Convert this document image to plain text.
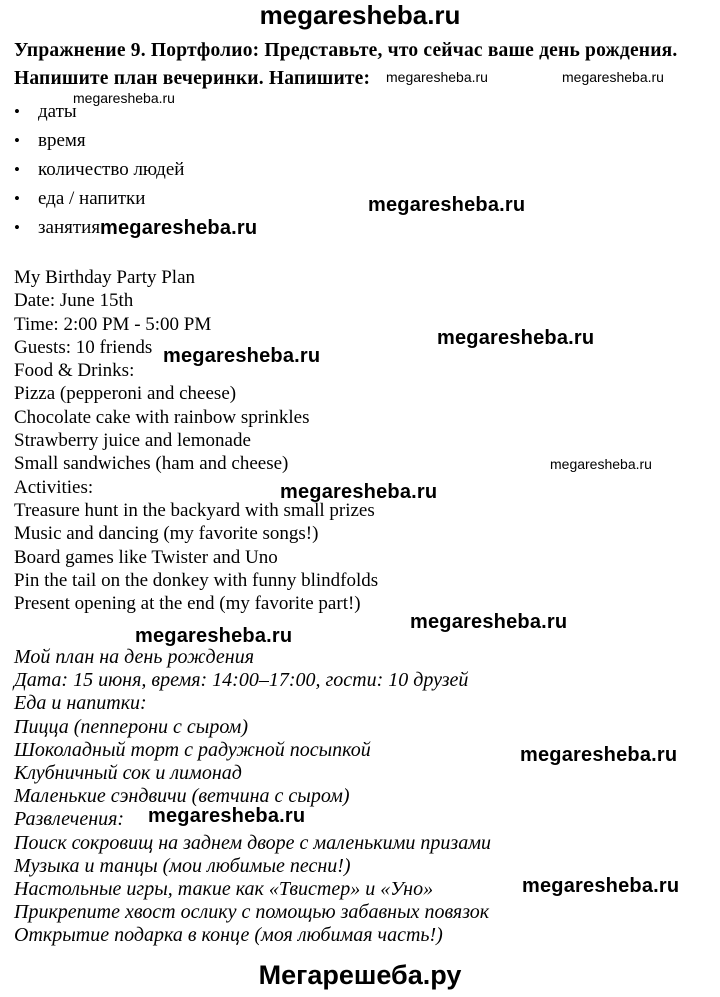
megaresheba.ru
Упражнение 9. Портфолио: Представьте, что сейчас ваше день рождения.
Напишите план вечеринки. Напишите:
• даты
• время
• количество людей
• еда / напитки
• занятия
My Birthday Party Plan
Date: June 15th
Time: 2:00 PM - 5:00 PM
Guests: 10 friends
Food & Drinks:
Pizza (pepperoni and cheese)
Chocolate cake with rainbow sprinkles
Strawberry juice and lemonade
Small sandwiches (ham and cheese)
Activities:
Treasure hunt in the backyard with small prizes
Music and dancing (my favorite songs!)
Board games like Twister and Uno
Pin the tail on the donkey with funny blindfolds
Present opening at the end (my favorite part!)
Мой план на день рождения
Дата: 15 июня, время: 14:00–17:00, гости: 10 друзей
Еда и напитки:
Пицца (пепперони с сыром)
Шоколадный торт с радужной посыпкой
Клубничный сок и лимонад
Маленькие сэндвичи (ветчина с сыром)
Развлечения:
Поиск сокровищ на заднем дворе с маленькими призами
Музыка и танцы (мои любимые песни!)
Настольные игры, такие как «Твистер» и «Уно»
Прикрепите хвост ослику с помощью забавных повязок
Открытие подарка в конце (моя любимая часть!)
Мегарешеба.ру
megaresheba.ru	megaresheba.ru
megaresheba.ru
megaresheba.ru
megaresheba.ru
megaresheba.ru
megaresheba.ru
megaresheba.ru
megaresheba.ru
megaresheba.ru
megaresheba.ru
megaresheba.ru
megaresheba.ru
megaresheba.ru
